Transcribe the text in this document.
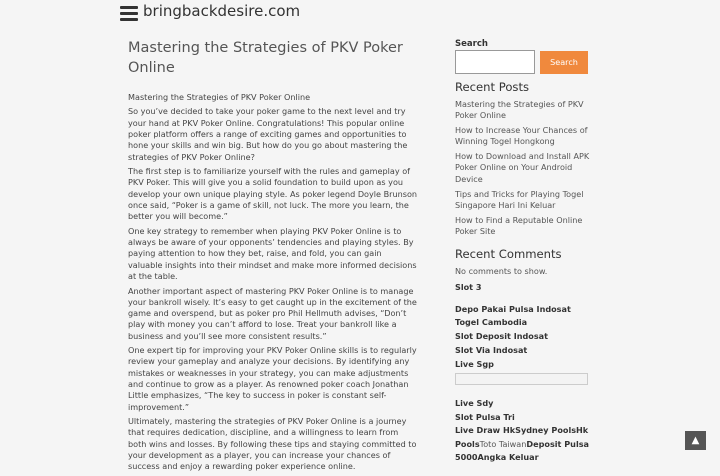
bringbackdesire.com
Mastering the Strategies of PKV Poker Online

Mastering the Strategies of PKV Poker Online

So you’ve decided to take your poker game to the next level and try your hand at PKV Poker Online. Congratulations! This popular online poker platform offers a range of exciting games and opportunities to hone your skills and win big. But how do you go about mastering the strategies of PKV Poker Online?

The first step is to familiarize yourself with the rules and gameplay of PKV Poker. This will give you a solid foundation to build upon as you develop your own unique playing style. As poker legend Doyle Brunson once said, “Poker is a game of skill, not luck. The more you learn, the better you will become.”

One key strategy to remember when playing PKV Poker Online is to always be aware of your opponents’ tendencies and playing styles. By paying attention to how they bet, raise, and fold, you can gain valuable insights into their mindset and make more informed decisions at the table.

Another important aspect of mastering PKV Poker Online is to manage your bankroll wisely. It’s easy to get caught up in the excitement of the game and overspend, but as poker pro Phil Hellmuth advises, “Don’t play with money you can’t afford to lose. Treat your bankroll like a business and you’ll see more consistent results.”

One expert tip for improving your PKV Poker Online skills is to regularly review your gameplay and analyze your decisions. By identifying any mistakes or weaknesses in your strategy, you can make adjustments and continue to grow as a player. As renowned poker coach Jonathan Little emphasizes, “The key to success in poker is constant self-improvement.”

Ultimately, mastering the strategies of PKV Poker Online is a journey that requires dedication, discipline, and a willingness to learn from both wins and losses. By following these tips and staying committed to your development as a player, you can increase your chances of success and enjoy a rewarding poker experience online.

Search
Search
Recent Posts
Mastering the Strategies of PKV Poker Online
How to Increase Your Chances of Winning Togel Hongkong
How to Download and Install APK Poker Online on Your Android Device
Tips and Tricks for Playing Togel Singapore Hari Ini Keluar
How to Find a Reputable Online Poker Site
Recent Comments
No comments to show.
Slot 3
Depo Pakai Pulsa Indosat
Togel Cambodia
Slot Deposit Indosat
Slot Via Indosat
Live Sgp
Live Sdy
Slot Pulsa Tri
Live Draw HkSydney PoolsHk PoolsToto TaiwanDeposit Pulsa 5000Angka Keluar
▲
